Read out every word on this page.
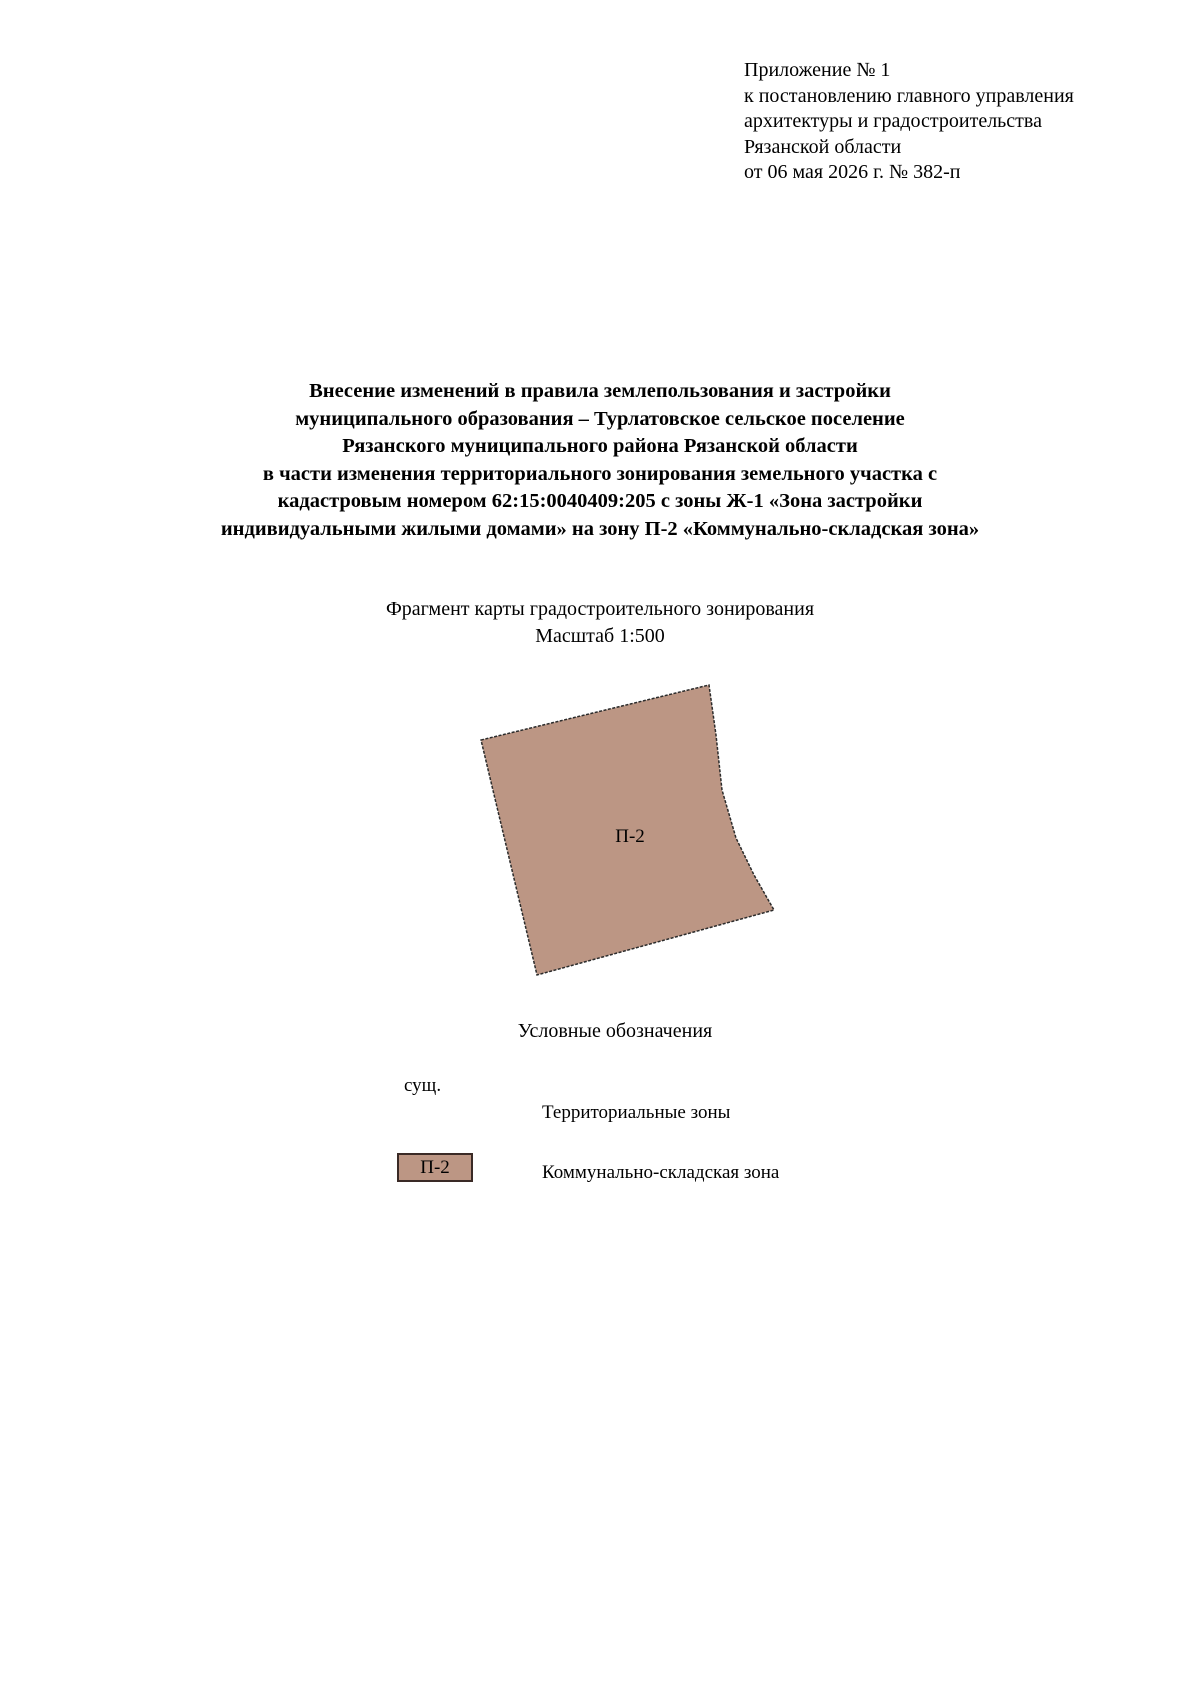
Приложение № 1
к постановлению главного управления
архитектуры и градостроительства
Рязанской области
от 06 мая 2026 г. № 382-п
Внесение изменений в правила землепользования и застройки
муниципального образования – Турлатовское сельское поселение
Рязанского муниципального района Рязанской области
в части изменения территориального зонирования земельного участка с
кадастровым номером 62:15:0040409:205 с зоны Ж-1 «Зона застройки
индивидуальными жилыми домами» на зону П-2 «Коммунально-складская зона»
Фрагмент карты градостроительного зонирования
Масштаб 1:500
П-2
Условные обозначения
сущ.
Территориальные зоны
П-2	Коммунально-складская зона
